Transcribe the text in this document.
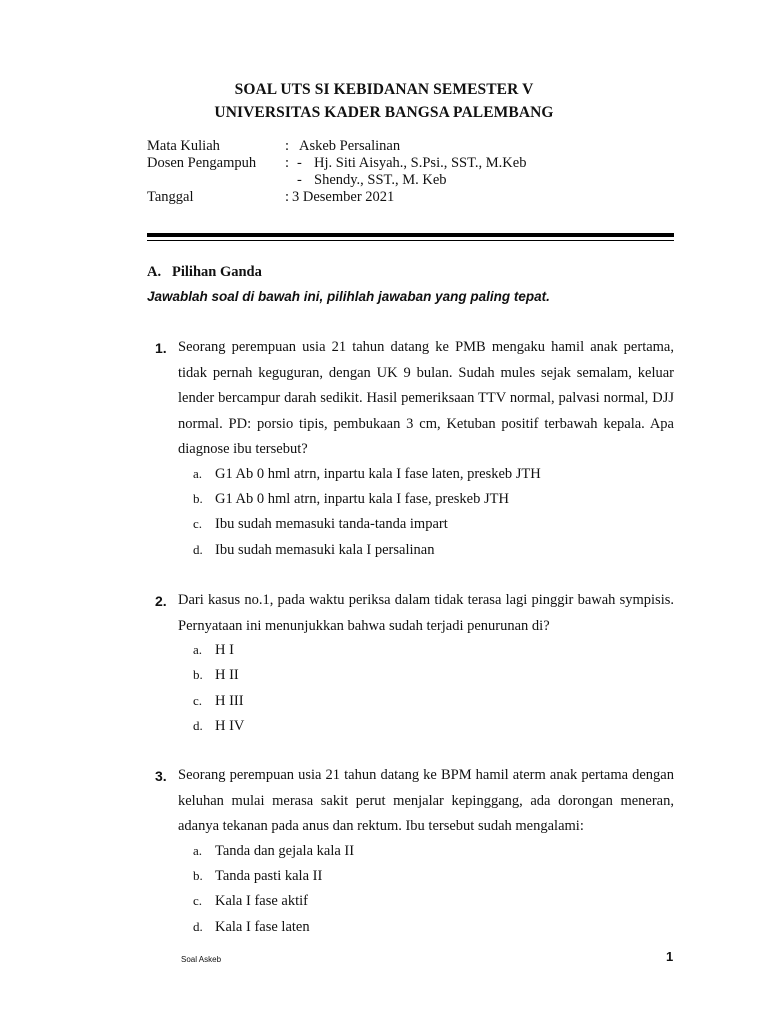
SOAL UTS SI KEBIDANAN SEMESTER V
UNIVERSITAS KADER BANGSA PALEMBANG
Mata Kuliah	: Askeb Persalinan
Dosen Pengampuh : - Hj. Siti Aisyah., S.Psi., SST., M.Keb
- Shendy., SST., M. Keb
Tanggal	: 3 Desember 2021
A. Pilihan Ganda
Jawablah soal di bawah ini, pilihlah jawaban yang paling tepat.
1. Seorang perempuan usia 21 tahun datang ke PMB mengaku hamil anak pertama, tidak pernah keguguran, dengan UK 9 bulan. Sudah mules sejak semalam, keluar lender bercampur darah sedikit. Hasil pemeriksaan TTV normal, palvasi normal, DJJ normal. PD: porsio tipis, pembukaan 3 cm, Ketuban positif terbawah kepala. Apa diagnose ibu tersebut?
a. G1 Ab 0 hml atrn, inpartu kala I fase laten, preskeb JTH
b. G1 Ab 0 hml atrn, inpartu kala I fase, preskeb JTH
c. Ibu sudah memasuki tanda-tanda impart
d. Ibu sudah memasuki kala I persalinan
2. Dari kasus no.1, pada waktu periksa dalam tidak terasa lagi pinggir bawah sympisis. Pernyataan ini menunjukkan bahwa sudah terjadi penurunan di?
a. H I
b. H II
c. H III
d. H IV
3. Seorang perempuan usia 21 tahun datang ke BPM hamil aterm anak pertama dengan keluhan mulai merasa sakit perut menjalar kepinggang, ada dorongan meneran, adanya tekanan pada anus dan rektum. Ibu tersebut sudah mengalami:
a. Tanda dan gejala kala II
b. Tanda pasti kala II
c. Kala I fase aktif
d. Kala I fase laten
Soal Askeb	1
